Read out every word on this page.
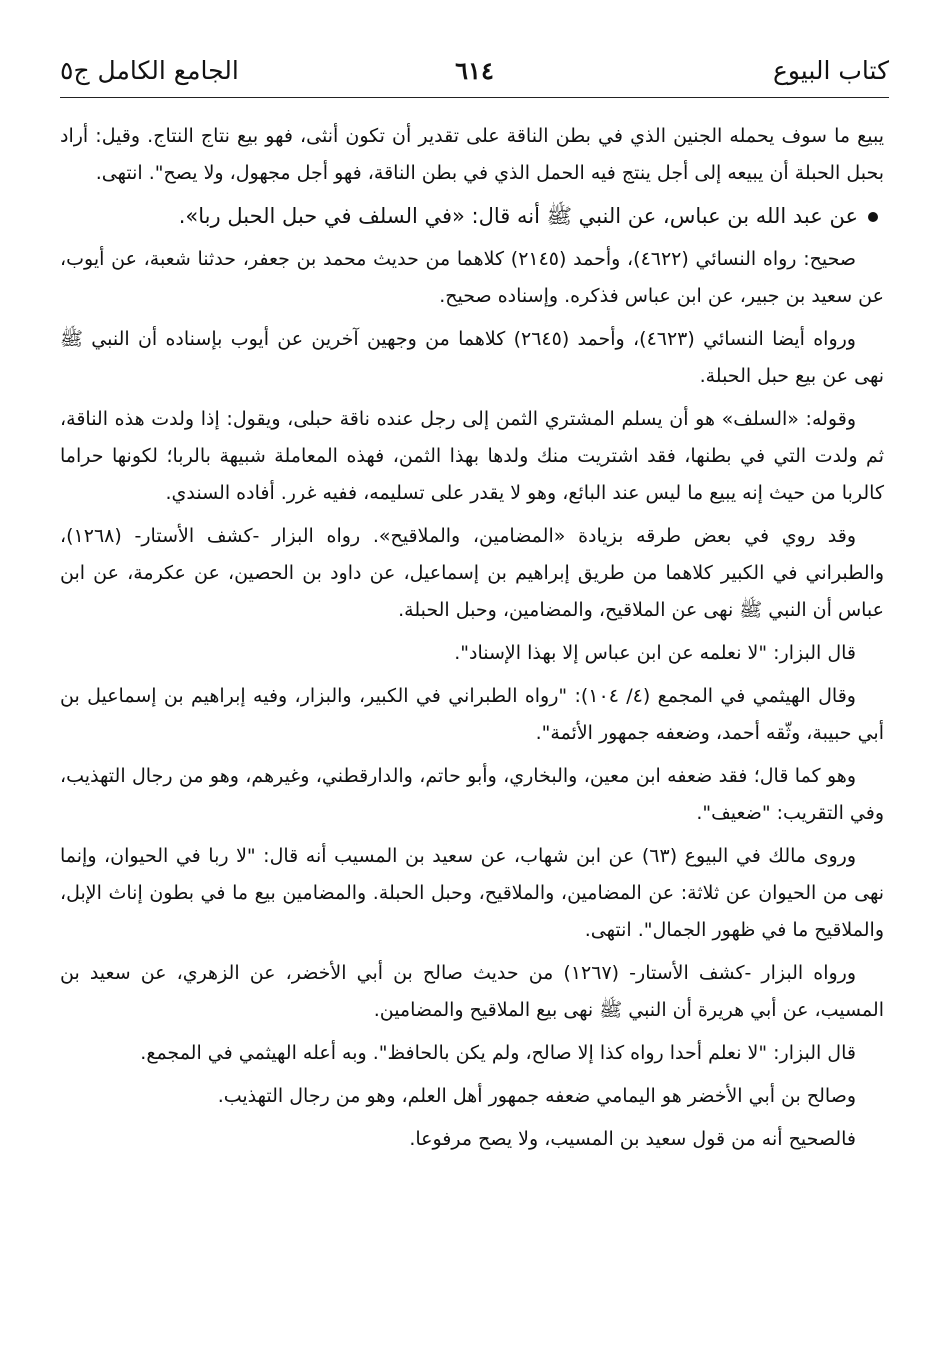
كتاب البيوع
٦١٤
الجامع الكامل ج٥

يبيع ما سوف يحمله الجنين الذي في بطن الناقة على تقدير أن تكون أنثى، فهو بيع نتاج النتاج. وقيل: أراد بحبل الحبلة أن يبيعه إلى أجل ينتج فيه الحمل الذي في بطن الناقة، فهو أجل مجهول، ولا يصح". انتهى.

عن عبد الله بن عباس، عن النبي ﷺ أنه قال: «في السلف في حبل الحبل ربا».

صحيح: رواه النسائي (٤٦٢٢)، وأحمد (٢١٤٥) كلاهما من حديث محمد بن جعفر، حدثنا شعبة، عن أيوب، عن سعيد بن جبير، عن ابن عباس فذكره. وإسناده صحيح.

ورواه أيضا النسائي (٤٦٢٣)، وأحمد (٢٦٤٥) كلاهما من وجهين آخرين عن أيوب بإسناده أن النبي ﷺ نهى عن بيع حبل الحبلة.

وقوله: «السلف» هو أن يسلم المشتري الثمن إلى رجل عنده ناقة حبلى، ويقول: إذا ولدت هذه الناقة، ثم ولدت التي في بطنها، فقد اشتريت منك ولدها بهذا الثمن، فهذه المعاملة شبيهة بالربا؛ لكونها حراما كالربا من حيث إنه يبيع ما ليس عند البائع، وهو لا يقدر على تسليمه، ففيه غرر. أفاده السندي.

وقد روي في بعض طرقه بزيادة «المضامين، والملاقيح». رواه البزار -كشف الأستار- (١٢٦٨)، والطبراني في الكبير كلاهما من طريق إبراهيم بن إسماعيل، عن داود بن الحصين، عن عكرمة، عن ابن عباس أن النبي ﷺ نهى عن الملاقيح، والمضامين، وحبل الحبلة.

قال البزار: "لا نعلمه عن ابن عباس إلا بهذا الإسناد".

وقال الهيثمي في المجمع (٤/ ١٠٤): "رواه الطبراني في الكبير، والبزار، وفيه إبراهيم بن إسماعيل بن أبي حبيبة، وثّقه أحمد، وضعفه جمهور الأئمة".

وهو كما قال؛ فقد ضعفه ابن معين، والبخاري، وأبو حاتم، والدارقطني، وغيرهم، وهو من رجال التهذيب، وفي التقريب: "ضعيف".

وروى مالك في البيوع (٦٣) عن ابن شهاب، عن سعيد بن المسيب أنه قال: "لا ربا في الحيوان، وإنما نهى من الحيوان عن ثلاثة: عن المضامين، والملاقيح، وحبل الحبلة. والمضامين بيع ما في بطون إناث الإبل، والملاقيح ما في ظهور الجمال". انتهى.

ورواه البزار -كشف الأستار- (١٢٦٧) من حديث صالح بن أبي الأخضر، عن الزهري، عن سعيد بن المسيب، عن أبي هريرة أن النبي ﷺ نهى بيع الملاقيح والمضامين.

قال البزار: "لا نعلم أحدا رواه كذا إلا صالح، ولم يكن بالحافظ". وبه أعله الهيثمي في المجمع.

وصالح بن أبي الأخضر هو اليمامي ضعفه جمهور أهل العلم، وهو من رجال التهذيب.

فالصحيح أنه من قول سعيد بن المسيب، ولا يصح مرفوعا.
